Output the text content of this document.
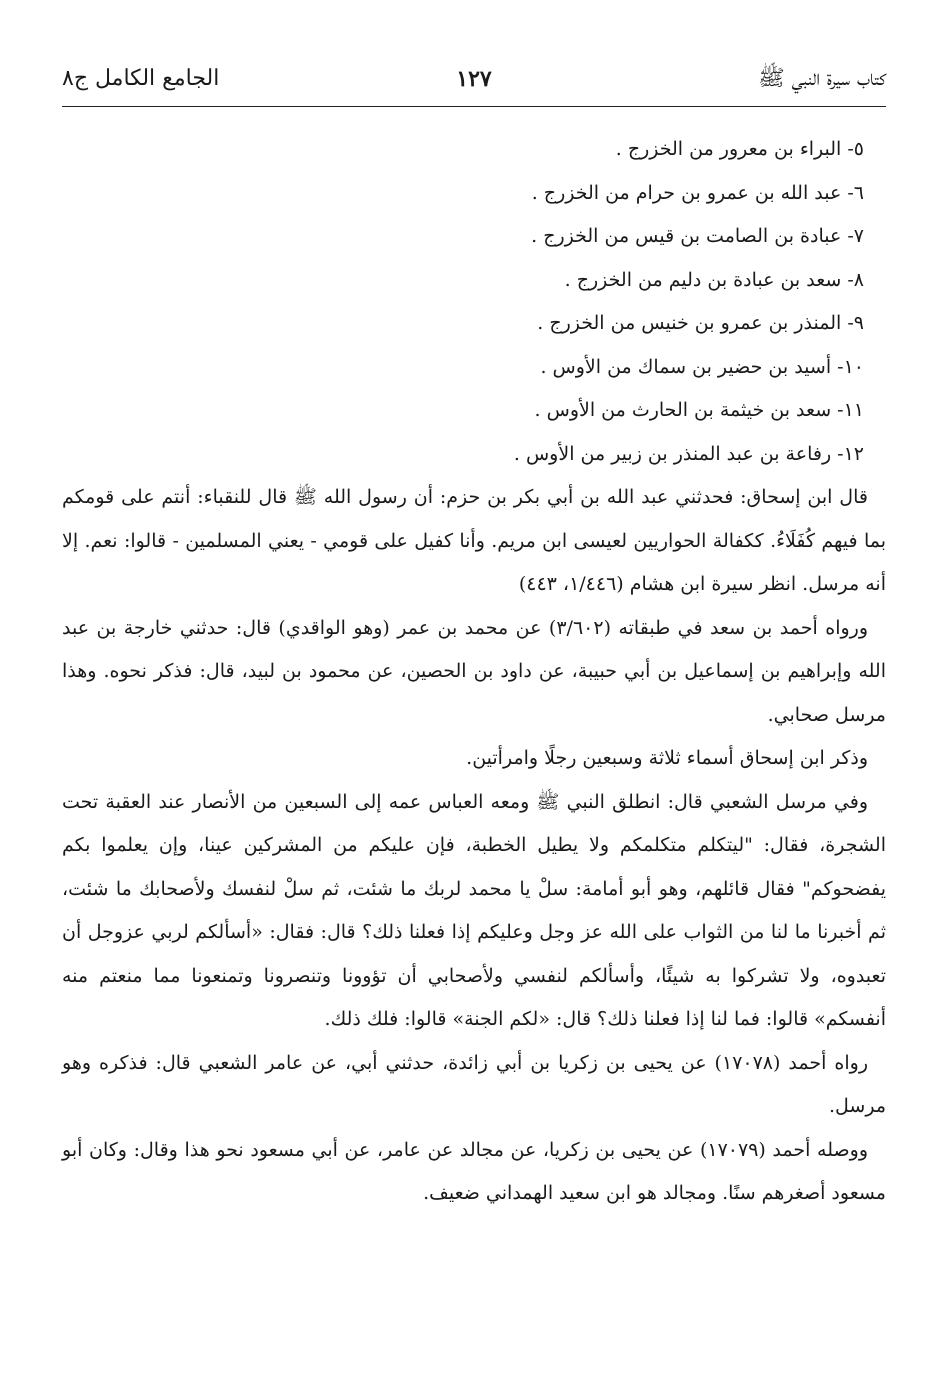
كتاب سيرة النبي ﷺ
١٢٧
الجامع الكامل ج٨

٥- البراء بن معرور من الخزرج .

٦- عبد الله بن عمرو بن حرام من الخزرج .

٧- عبادة بن الصامت بن قيس من الخزرج .

٨- سعد بن عبادة بن دليم من الخزرج .

٩- المنذر بن عمرو بن خنيس من الخزرج .

١٠- أسيد بن حضير بن سماك من الأوس .

١١- سعد بن خيثمة بن الحارث من الأوس .

١٢- رفاعة بن عبد المنذر بن زبير من الأوس .

قال ابن إسحاق: فحدثني عبد الله بن أبي بكر بن حزم: أن رسول الله ﷺ قال للنقباء: أنتم على قومكم بما فيهم كُفَلَاءُ. ككفالة الحواريين لعيسى ابن مريم. وأنا كفيل على قومي - يعني المسلمين - قالوا: نعم. إلا أنه مرسل. انظر سيرة ابن هشام (١/٤٤٦، ٤٤٣)

ورواه أحمد بن سعد في طبقاته (٣/٦٠٢) عن محمد بن عمر (وهو الواقدي) قال: حدثني خارجة بن عبد الله وإبراهيم بن إسماعيل بن أبي حبيبة، عن داود بن الحصين، عن محمود بن لبيد، قال: فذكر نحوه. وهذا مرسل صحابي.

وذكر ابن إسحاق أسماء ثلاثة وسبعين رجلًا وامرأتين.

وفي مرسل الشعبي قال: انطلق النبي ﷺ ومعه العباس عمه إلى السبعين من الأنصار عند العقبة تحت الشجرة، فقال: "ليتكلم متكلمكم ولا يطيل الخطبة، فإن عليكم من المشركين عينا، وإن يعلموا بكم يفضحوكم" فقال قائلهم، وهو أبو أمامة: سلْ يا محمد لربك ما شئت، ثم سلْ لنفسك ولأصحابك ما شئت، ثم أخبرنا ما لنا من الثواب على الله عز وجل وعليكم إذا فعلنا ذلك؟ قال: فقال: «أسألكم لربي عزوجل أن تعبدوه، ولا تشركوا به شيئًا، وأسألكم لنفسي ولأصحابي أن تؤوونا وتنصرونا وتمنعونا مما منعتم منه أنفسكم» قالوا: فما لنا إذا فعلنا ذلك؟ قال: «لكم الجنة» قالوا: فلك ذلك.

رواه أحمد (١٧٠٧٨) عن يحيى بن زكريا بن أبي زائدة، حدثني أبي، عن عامر الشعبي قال: فذكره وهو مرسل.

ووصله أحمد (١٧٠٧٩) عن يحيى بن زكريا، عن مجالد عن عامر، عن أبي مسعود نحو هذا وقال: وكان أبو مسعود أصغرهم سنًا. ومجالد هو ابن سعيد الهمداني ضعيف.
